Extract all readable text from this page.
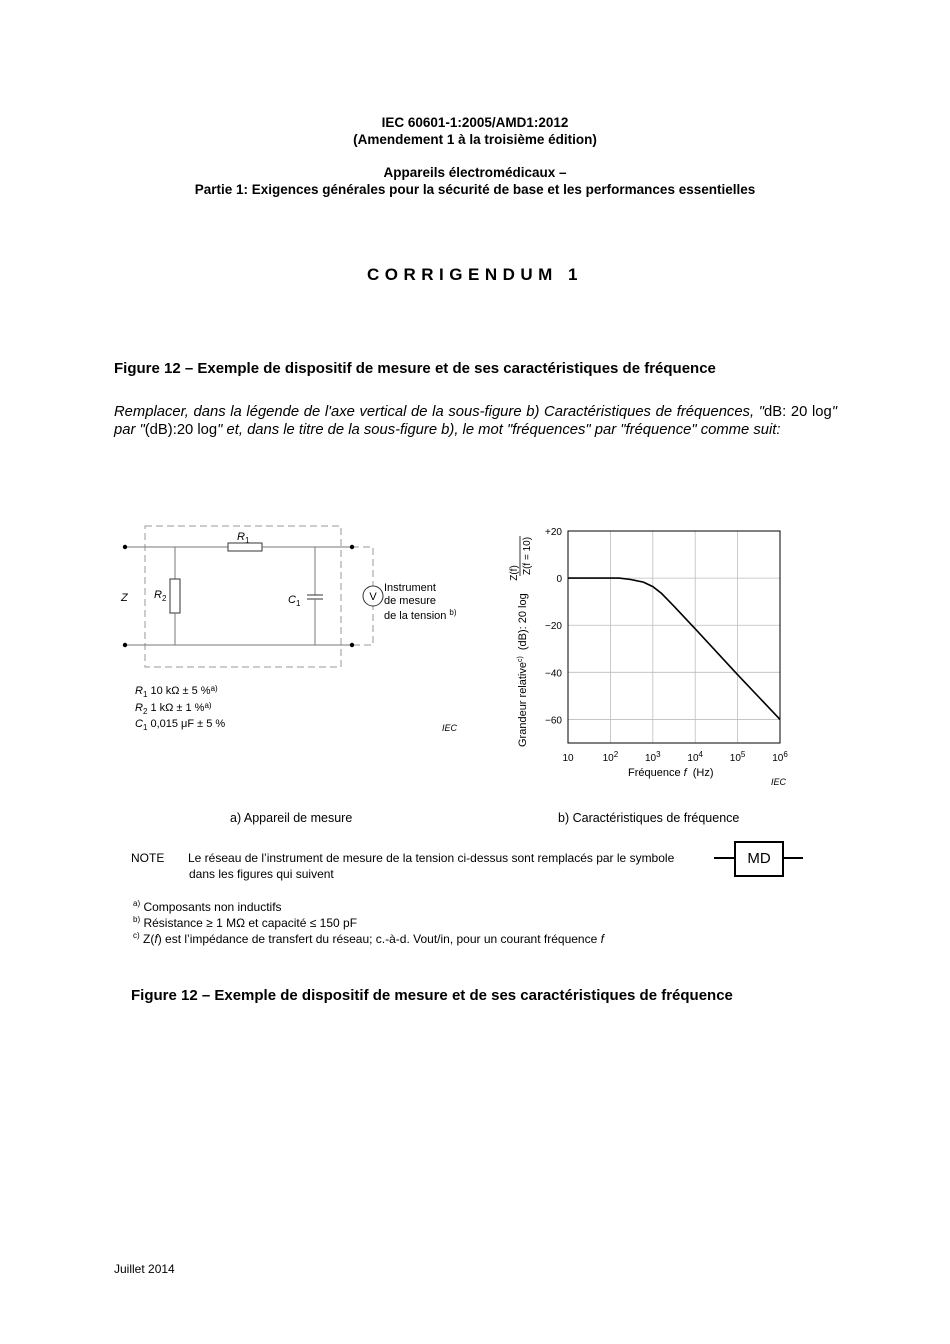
IEC 60601-1:2005/AMD1:2012
(Amendement 1 à la troisième édition)
Appareils électromédicaux –
Partie 1: Exigences générales pour la sécurité de base et les performances essentielles
CORRIGENDUM 1
Figure 12 – Exemple de dispositif de mesure et de ses caractéristiques de fréquence
Remplacer, dans la légende de l'axe vertical de la sous-figure b) Caractéristiques de fréquences, "dB: 20 log" par "(dB):20 log" et, dans le titre de la sous-figure b), le mot "fréquences" par "fréquence" comme suit:
V
Z
$R_1$
$R_2$	$C_1$
Instrument
de mesure
de la tension $^{b)}$
$R_1$ 10 kΩ ± 5 %$^{a)}$
$R_2$ 1 kΩ ± 1 %$^{a)}$
$C_1$ 0,015 μF ± 5 %	IEC
+20
0
−20
−40
−60
10	$10^2$	$10^3$	$10^4$	$10^5$	$10^6$
Grandeur relative$^{c)}$(dB): 20 log
Z(f) Z(f = 10)
Fréquence f (Hz)
IEC
a) Appareil de mesure	b) Caractéristiques de fréquence
NOTE Le réseau de l’instrument de mesure de la tension ci-dessus sont remplacés par le symbole
dans les figures qui suivent
MD
$^{a)}$ Composants non inductifs
$^{b)}$ Résistance ≥ 1 MΩ et capacité ≤ 150 pF
$^{c)}$ Z(f) est l’impédance de transfert du réseau; c.-à-d. Vout/in, pour un courant fréquence f
Figure 12 – Exemple de dispositif de mesure et de ses caractéristiques de fréquence
Juillet 2014
